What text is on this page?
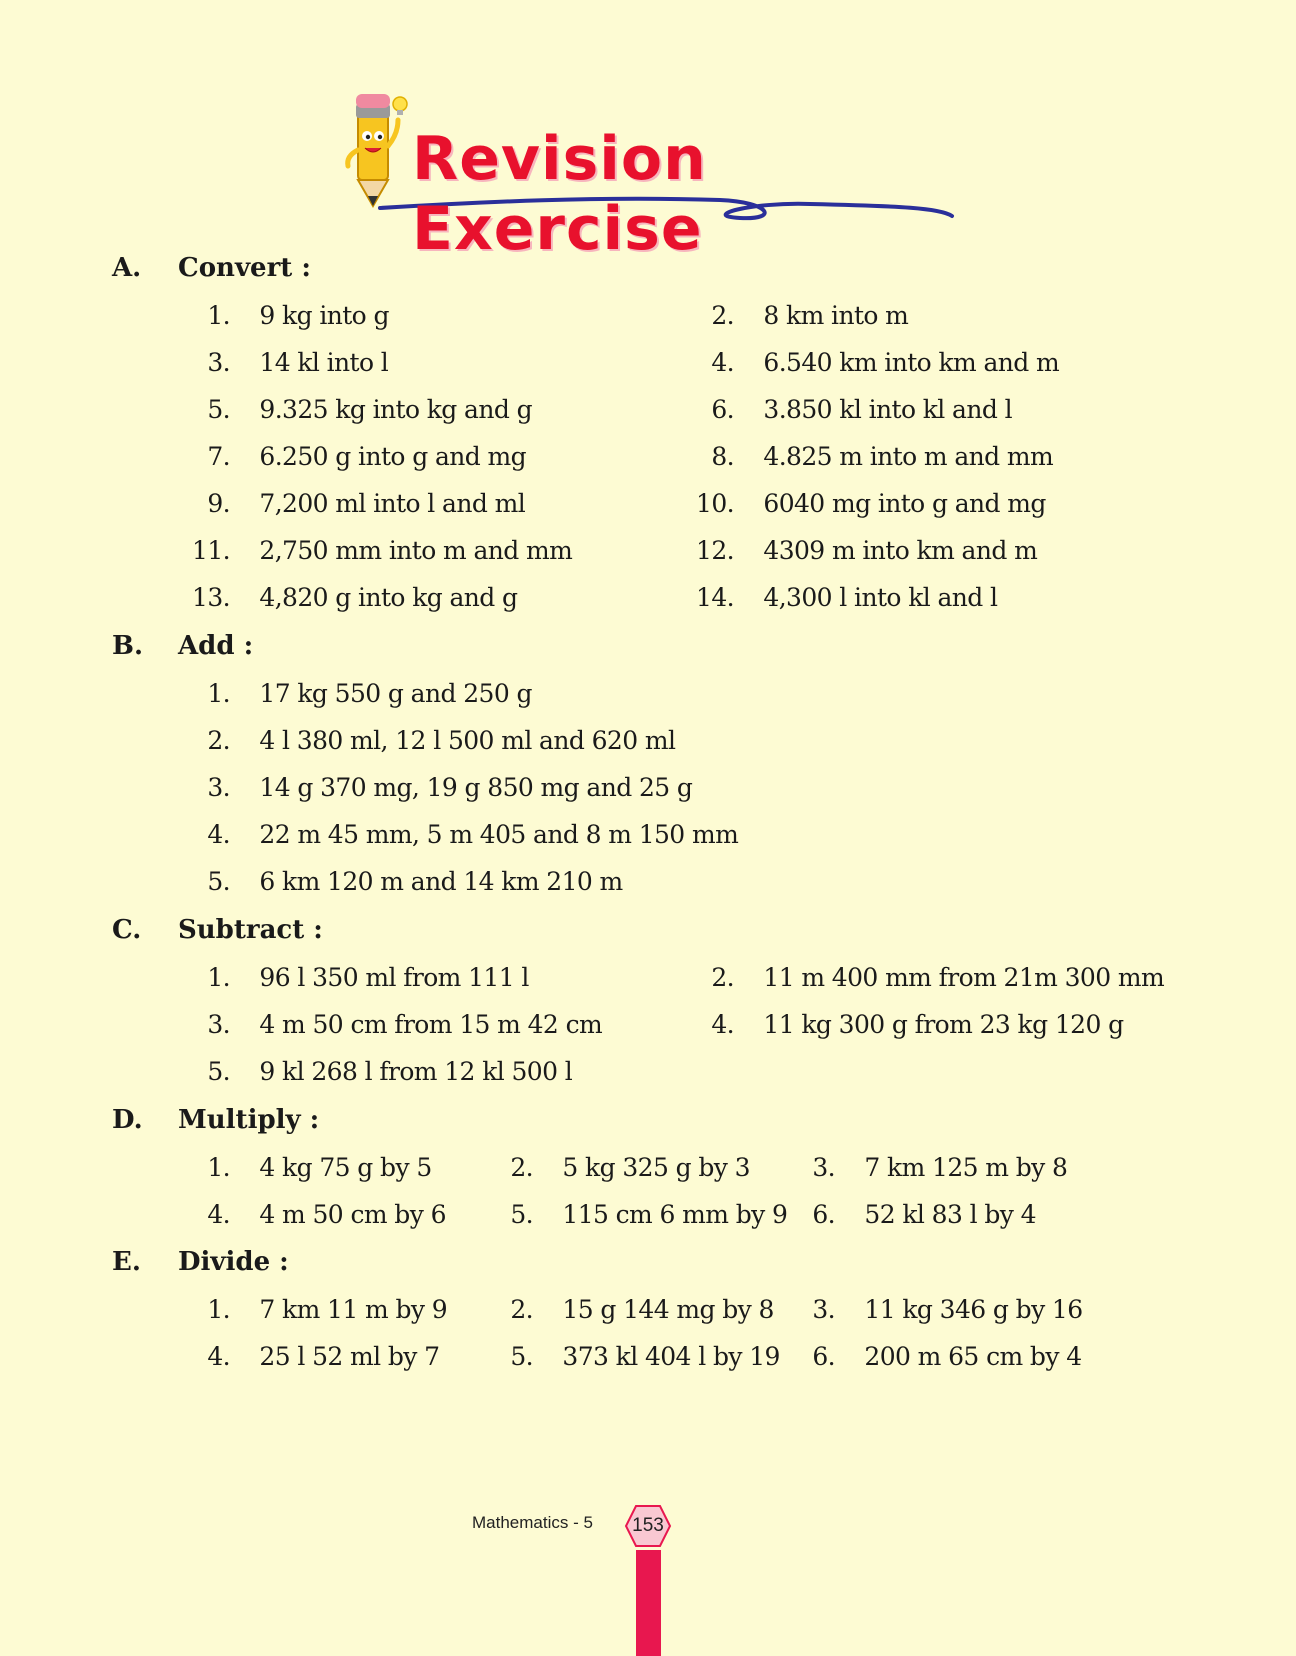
Revision Exercise
A. Convert :
1. 9 kg into g	2. 8 km into m
3. 14 kl into l	4. 6.540 km into km and m
5. 9.325 kg into kg and g	6. 3.850 kl into kl and l
7. 6.250 g into g and mg	8. 4.825 m into m and mm
9. 7,200 ml into l and ml	10. 6040 mg into g and mg
11. 2,750 mm into m and mm	12. 4309 m into km and m
13. 4,820 g into kg and g	14. 4,300 l into kl and l
B. Add :
1. 17 kg 550 g and 250 g
2. 4 l 380 ml, 12 l 500 ml and 620 ml
3. 14 g 370 mg, 19 g 850 mg and 25 g
4. 22 m 45 mm, 5 m 405 and 8 m 150 mm
5. 6 km 120 m and 14 km 210 m
C. Subtract :
1. 96 l 350 ml from 111 l	2. 11 m 400 mm from 21m 300 mm
3. 4 m 50 cm from 15 m 42 cm	4. 11 kg 300 g from 23 kg 120 g
5. 9 kl 268 l from 12 kl 500 l
D. Multiply :
1. 4 kg 75 g by 5	2. 5 kg 325 g by 3	3. 7 km 125 m by 8
4. 4 m 50 cm by 6	5. 115 cm 6 mm by 9	6. 52 kl 83 l by 4
E. Divide :
1. 7 km 11 m by 9	2. 15 g 144 mg by 8	3. 11 kg 346 g by 16
4. 25 l 52 ml by 7	5. 373 kl 404 l by 19	6. 200 m 65 cm by 4
Mathematics - 5	153
